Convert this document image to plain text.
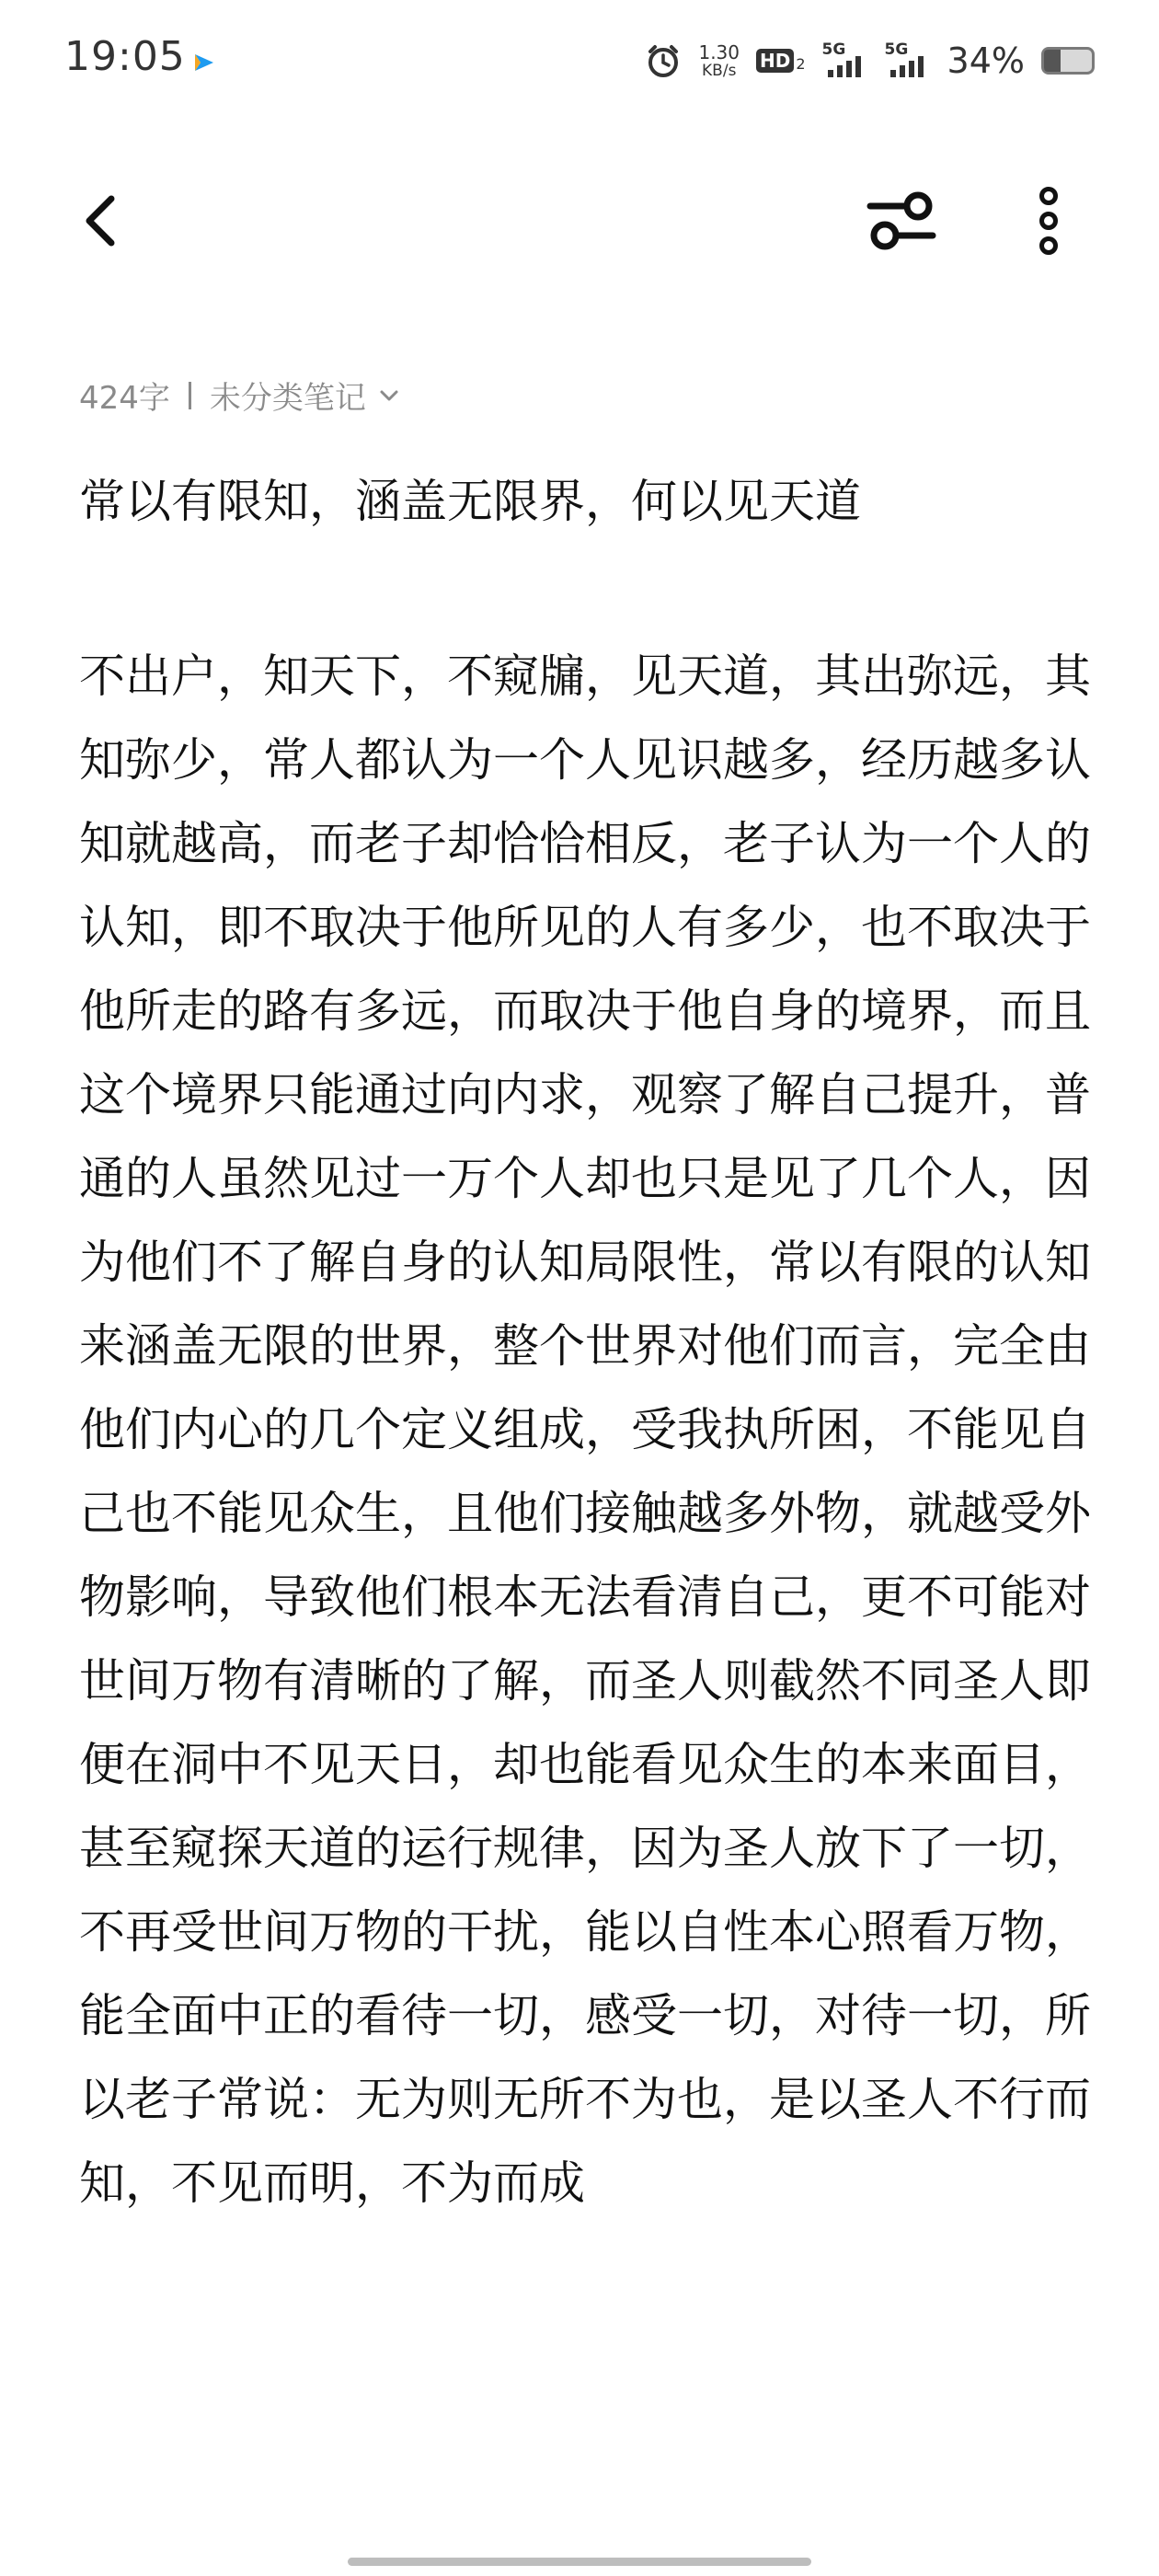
19:05	1.30
KB/s HD 2
5G 5G 34%
424字 未分类笔记
常以有限知，涵盖无限界，何以见天道
不出户，知天下，不窥牖，见天道，其出弥远，其知弥少，常人都认为一个人见识越多，经历越多认知就越高，而老子却恰恰相反，老子认为一个人的认知，即不取决于他所见的人有多少，也不取决于他所走的路有多远，而取决于他自身的境界，而且这个境界只能通过向内求，观察了解自己提升，普通的人虽然见过一万个人却也只是见了几个人，因为他们不了解自身的认知局限性，常以有限的认知来涵盖无限的世界，整个世界对他们而言，完全由他们内心的几个定义组成，受我执所困，不能见自己也不能见众生，且他们接触越多外物，就越受外物影响，导致他们根本无法看清自己，更不可能对世间万物有清晰的了解，而圣人则截然不同圣人即便在洞中不见天日，却也能看见众生的本来面目，甚至窥探天道的运行规律，因为圣人放下了一切，不再受世间万物的干扰，能以自性本心照看万物，能全面中正的看待一切，感受一切，对待一切，所以老子常说：无为则无所不为也，是以圣人不行而知，不见而明，不为而成
